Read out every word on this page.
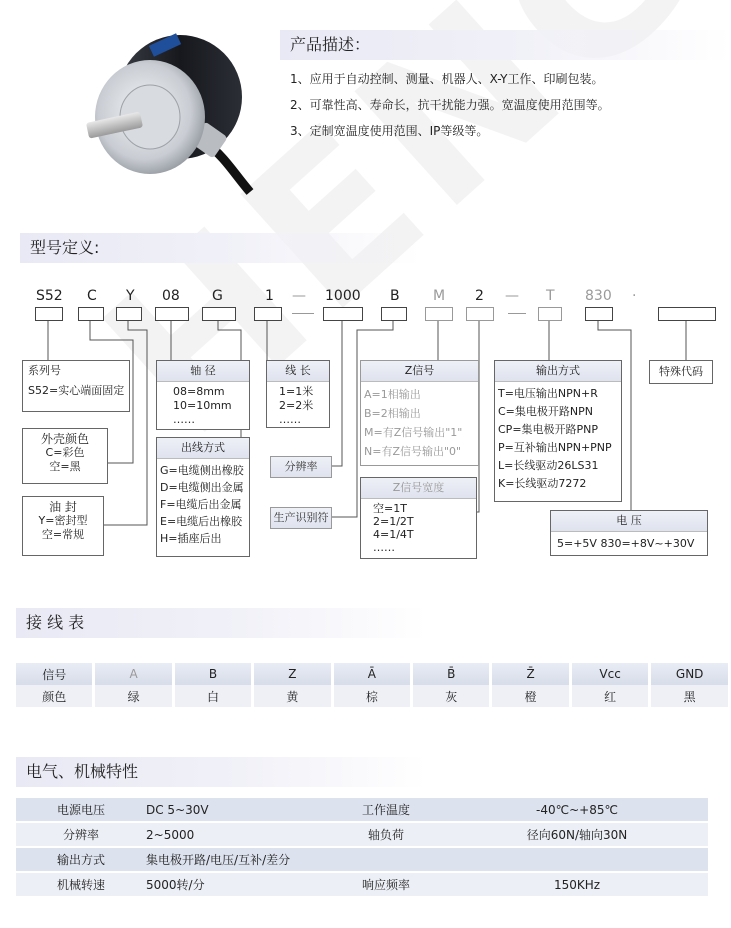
产品描述：
1、应用于自动控制、测量、机器人、X-Y工作、印刷包装。
2、可靠性高、寿命长，抗干扰能力强。宽温度使用范围等。
3、定制宽温度使用范围、IP等级等。
型号定义:
S52 C Y 08 G	1 — 1000 B M 2 — T 830 ·
系列号
S52=实心端面固定
外壳颜色
C=彩色
空=黑
油 封
Y=密封型
空=常规
轴 径
08=8mm
10=10mm
……
出线方式
G=电缆侧出橡胶
D=电缆侧出金属
F=电缆后出金属
E=电缆后出橡胶
H=插座后出
线 长
1=1米
2=2米
……
分辨率
生产识别符
Z信号
A=1相输出
B=2相输出
M=有Z信号输出"1"
N=有Z信号输出"0"
Z信号宽度
空=1T
2=1/2T
4=1/4T
……
输出方式
T=电压输出NPN+R
C=集电极开路NPN
CP=集电极开路PNP
P=互补输出NPN+PNP
L=长线驱动26LS31
K=长线驱动7272
电 压
5=+5V 830=+8V~+30V
特殊代码
接 线 表
信号	A	B	Z	Ā	B̄	Z̄	Vcc	GND
颜色	绿	白	黄	棕	灰	橙	红	黑
电气、机械特性
电源电压	DC 5~30V	工作温度	-40℃~+85℃
分辨率	2~5000	轴负荷	径向60N/轴向30N
输出方式	集电极开路/电压/互补/差分		
机械转速	5000转/分	响应频率	150KHz
